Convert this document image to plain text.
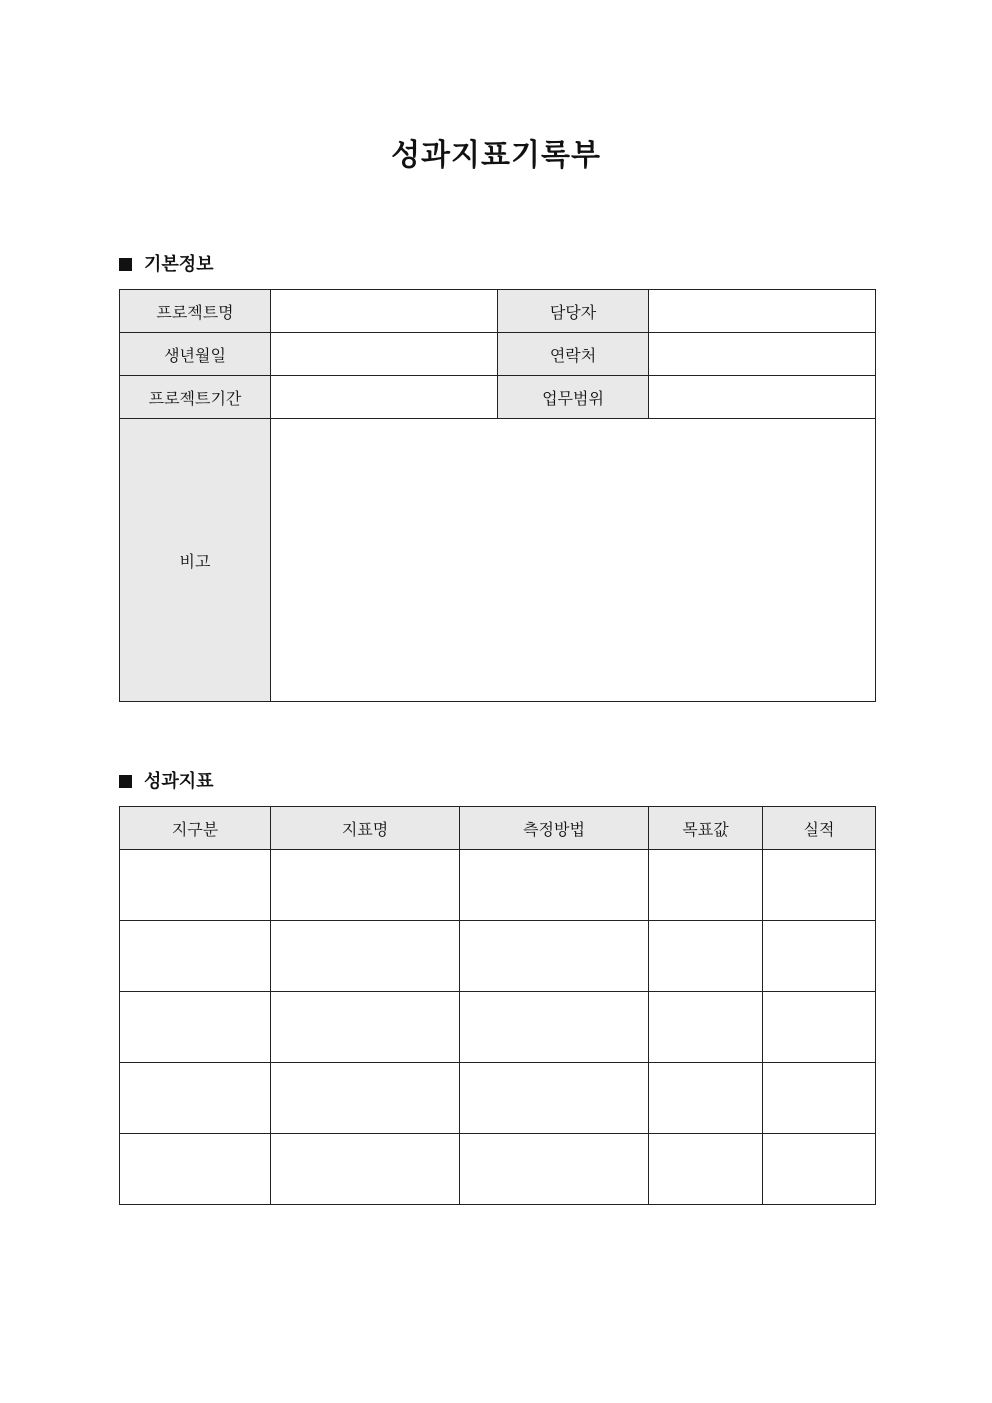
성과지표기록부
기본정보
프로젝트명		담당자	
생년월일		연락처	
프로젝트기간		업무범위	
비고			
성과지표
지구분	지표명	측정방법	목표값	실적
